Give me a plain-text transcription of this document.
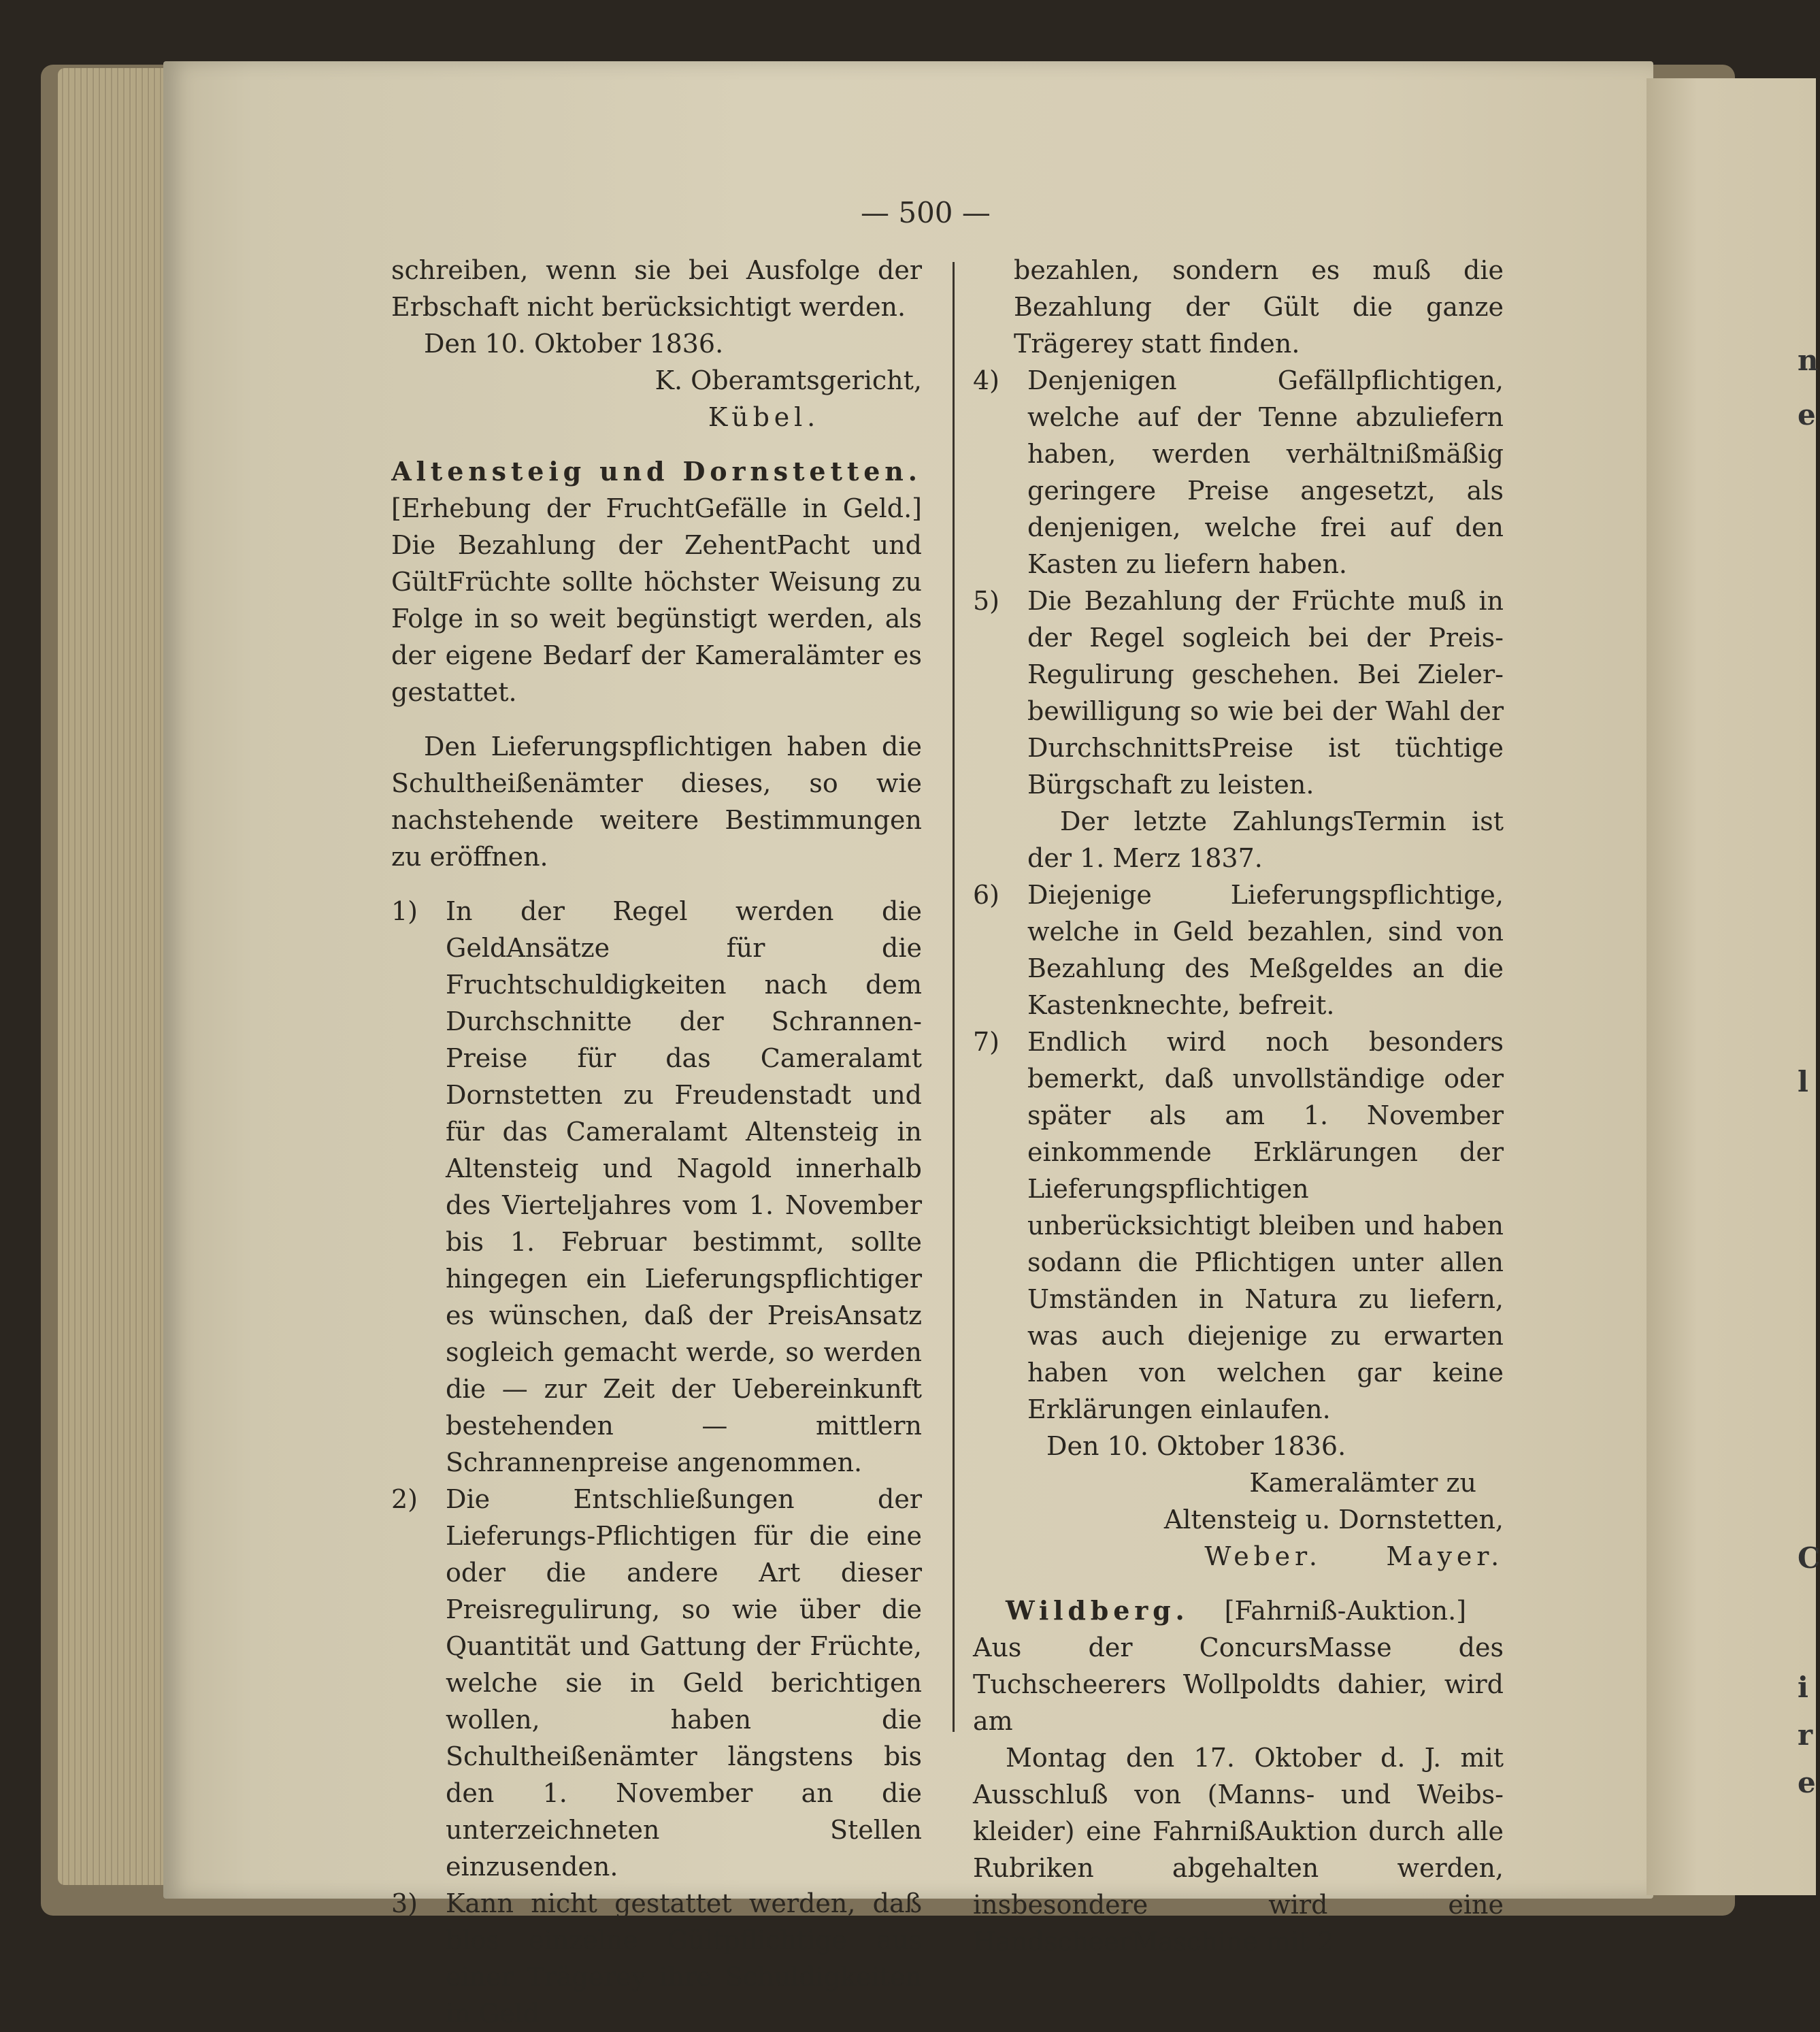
n
e
l
C
i
r
e
— 500 —

schreiben, wenn sie bei Ausfolge der Erbschaft nicht berücksichtigt werden.

Den 10. Oktober 1836.

K. Oberamtsgericht,

Kübel.

Altensteig und Dornstetten.

[Erhebung der FruchtGefälle in Geld.] Die Bezahlung der ZehentPacht und GültFrüchte sollte höchster Weisung zu Folge in so weit begünstigt werden, als der eigene Bedarf der Kameralämter es gestattet.

Den Lieferungspflichtigen haben die Schultheißenämter dieses, so wie nachstehende weitere Bestimmungen zu eröffnen.

1) In der Regel werden die GeldAnsätze für die Fruchtschuldigkeiten nach dem Durchschnitte der Schrannen-Preise für das Cameralamt Dornstetten zu Freudenstadt und für das Cameralamt Altensteig in Altensteig und Nagold innerhalb des Vierteljahres vom 1. November bis 1. Februar bestimmt, sollte hingegen ein Lieferungspflichtiger es wünschen, daß der PreisAnsatz sogleich gemacht werde, so werden die — zur Zeit der Uebereinkunft bestehenden — mittlern Schrannenpreise angenommen.

2) Die Entschließungen der Lieferungs-Pflichtigen für die eine oder die andere Art dieser Preisregulirung, so wie über die Quantität und Gattung der Früchte, welche sie in Geld berichtigen wollen, haben die Schultheißenämter längstens bis den 1. November an die unterzeichneten Stellen einzusenden.

3) Kann nicht gestattet werden, daß blos einzelne Gültpflichtige aus einer Trägerey ihre Schuldigkeiten in Geld

bezahlen, sondern es muß die Bezahlung der Gült die ganze Trägerey statt finden.

4) Denjenigen Gefällpflichtigen, welche auf der Tenne abzuliefern haben, werden verhältnißmäßig geringere Preise angesetzt, als denjenigen, welche frei auf den Kasten zu liefern haben.

5) Die Bezahlung der Früchte muß in der Regel sogleich bei der Preis-Regulirung geschehen. Bei Zieler-bewilligung so wie bei der Wahl der DurchschnittsPreise ist tüchtige Bürgschaft zu leisten.

Der letzte ZahlungsTermin ist der 1. Merz 1837.

6) Diejenige Lieferungspflichtige, welche in Geld bezahlen, sind von Bezahlung des Meßgeldes an die Kastenknechte, befreit.

7) Endlich wird noch besonders bemerkt, daß unvollständige oder später als am 1. November einkommende Erklärungen der Lieferungspflichtigen unberücksichtigt bleiben und haben sodann die Pflichtigen unter allen Umständen in Natura zu liefern, was auch diejenige zu erwarten haben von welchen gar keine Erklärungen einlaufen.

Den 10. Oktober 1836.

Kameralämter zu

Altensteig u. Dornstetten,

Weber.     Mayer.

Wildberg. [Fahrniß-Auktion.]

Aus der ConcursMasse des Tuchscheerers Wollpoldts dahier, wird am

Montag den 17. Oktober d. J. mit Ausschluß von (Manns- und Weibs-kleider) eine FahrnißAuktion durch alle Rubriken abgehalten werden, insbesondere wird eine HandscheerMaschine mit 2
